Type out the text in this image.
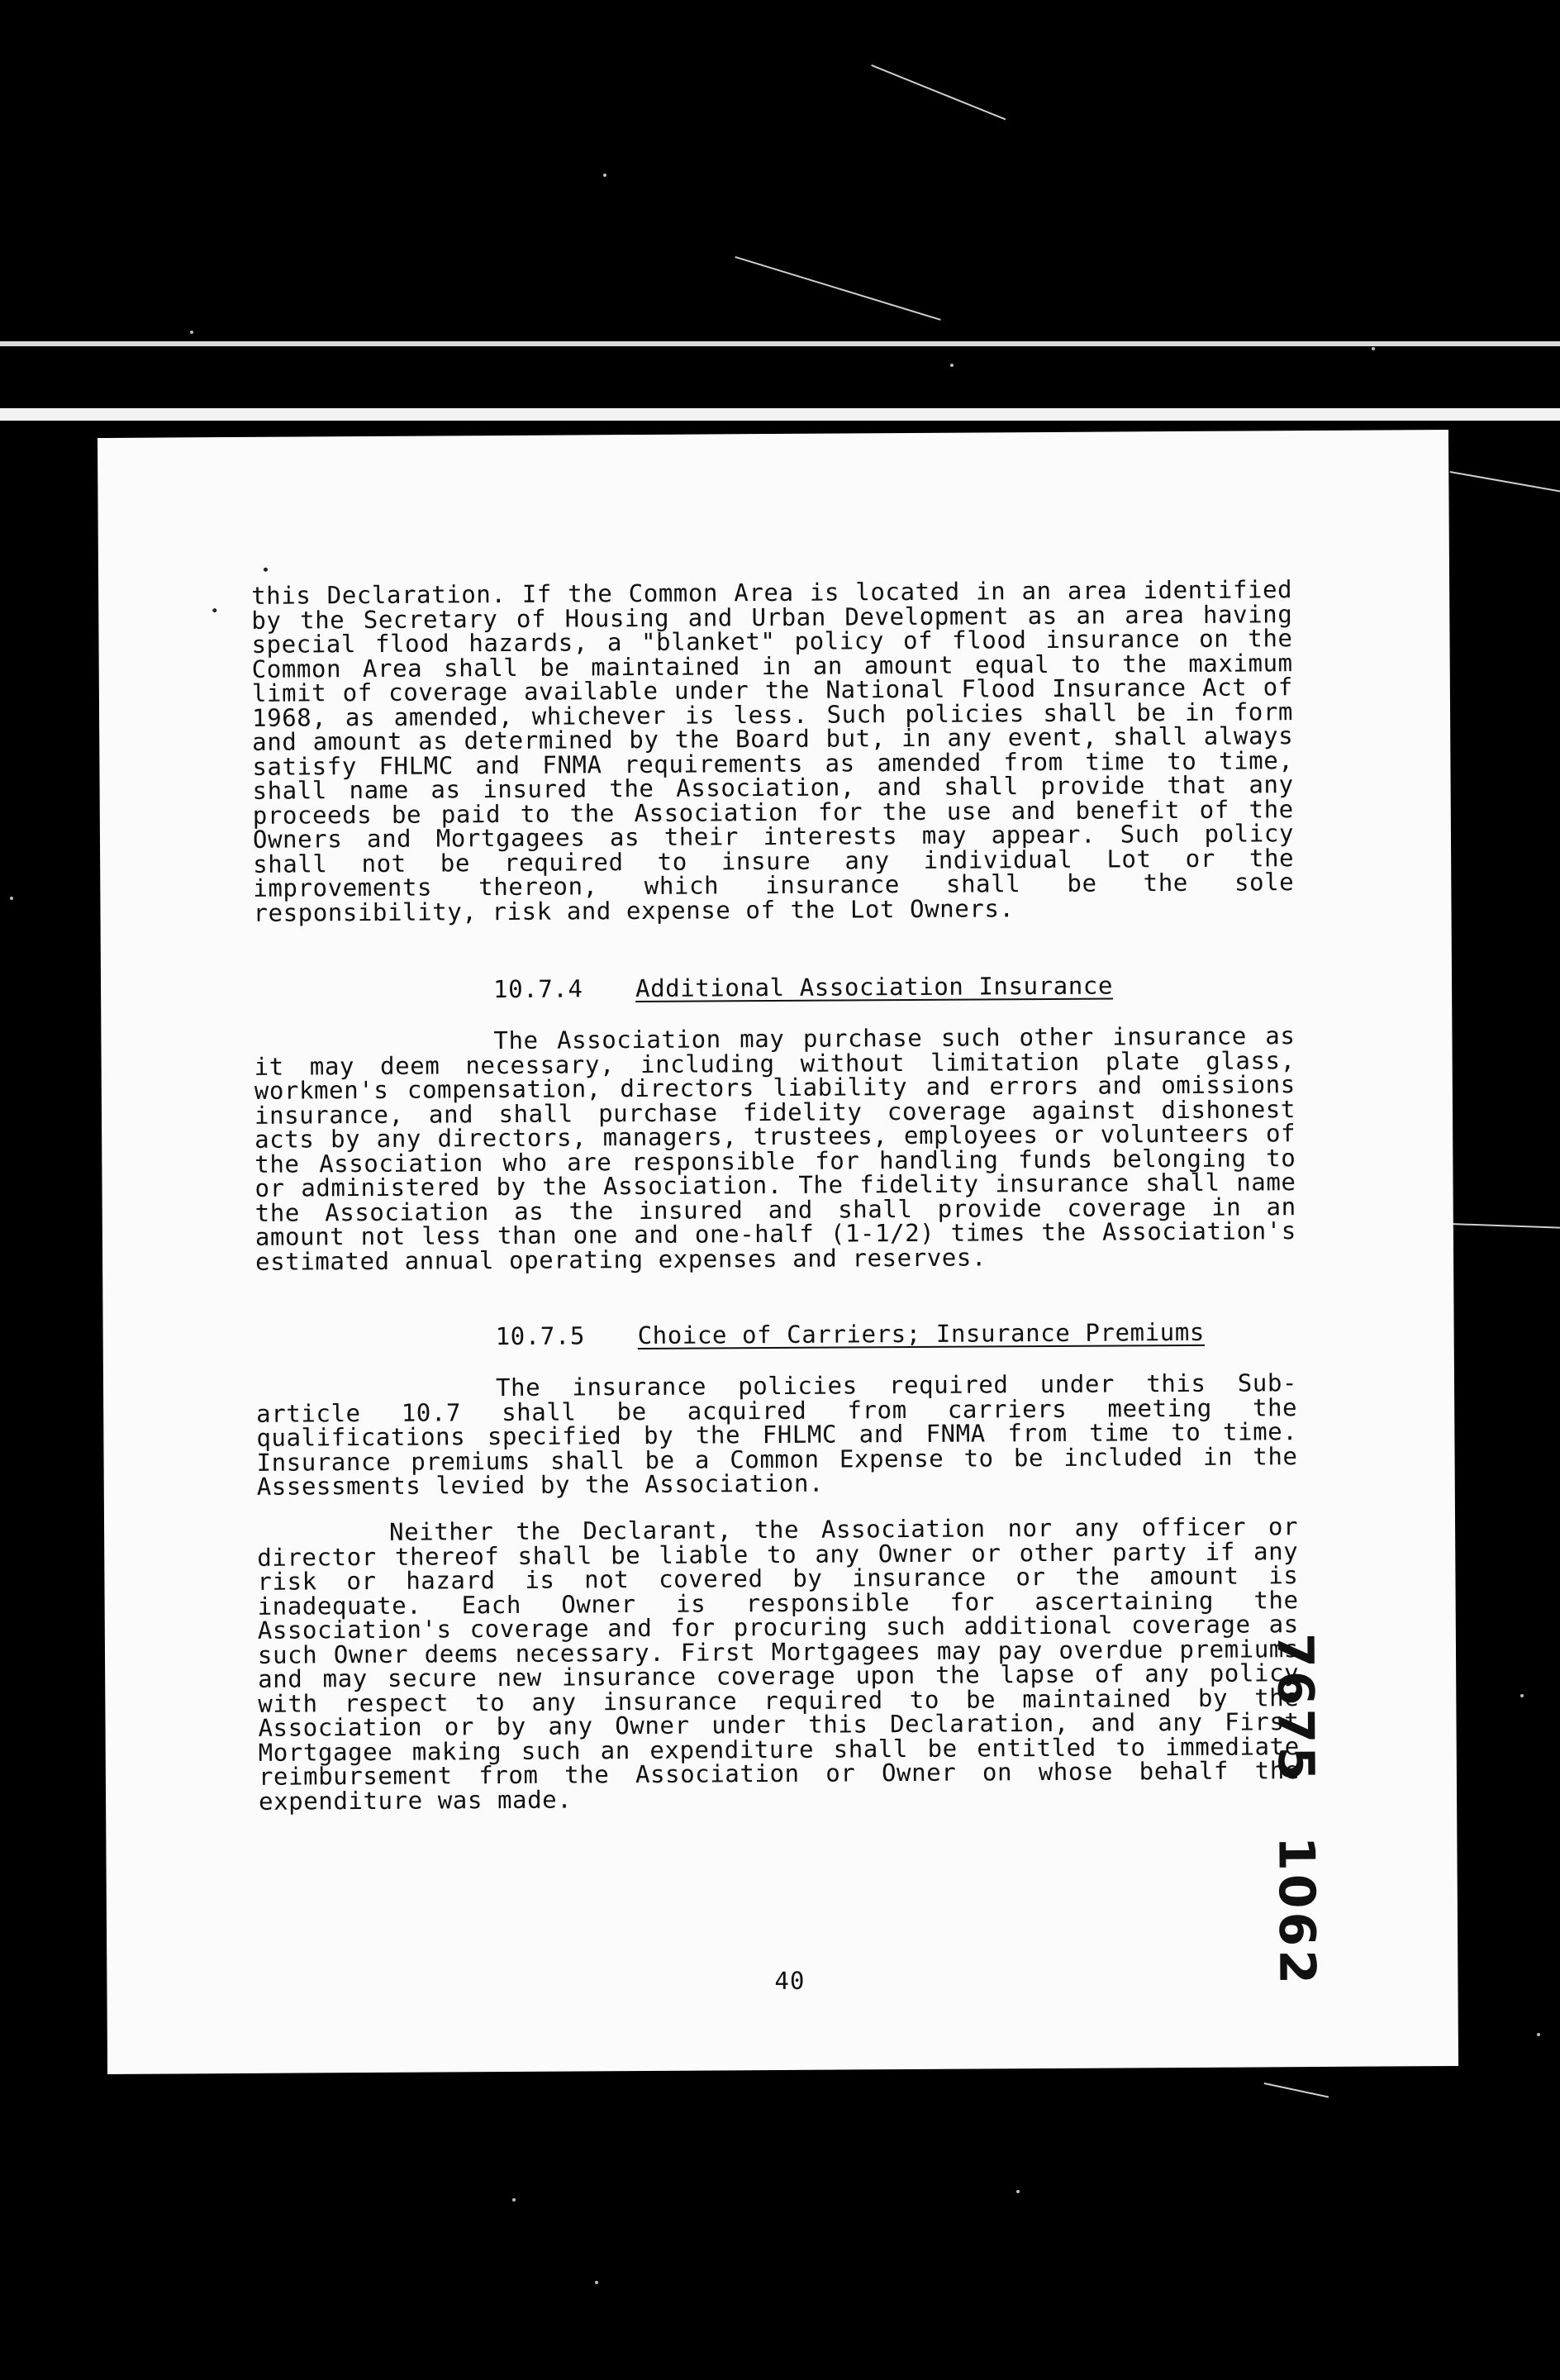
this Declaration. If the Common Area is located in an area identified by the Secretary of Housing and Urban Development as an area having special flood hazards, a "blanket" policy of flood insurance on the Common Area shall be maintained in an amount equal to the maximum limit of coverage available under the National Flood Insurance Act of 1968, as amended, whichever is less. Such policies shall be in form and amount as determined by the Board but, in any event, shall always satisfy FHLMC and FNMA requirements as amended from time to time, shall name as insured the Association, and shall provide that any proceeds be paid to the Association for the use and benefit of the Owners and Mortgagees as their interests may appear. Such policy shall not be required to insure any individual Lot or the improvements thereon, which insurance shall be the sole responsibility, risk and expense of the Lot Owners.

10.7.4 Additional Association Insurance

The Association may purchase such other insurance as it may deem necessary, including without limitation plate glass, workmen's compensation, directors liability and errors and omissions insurance, and shall purchase fidelity coverage against dishonest acts by any directors, managers, trustees, employees or volunteers of the Association who are responsible for handling funds belonging to or administered by the Association. The fidelity insurance shall name the Association as the insured and shall provide coverage in an amount not less than one and one-half (1-1/2) times the Association's estimated annual operating expenses and reserves.

10.7.5 Choice of Carriers; Insurance Premiums

The insurance policies required under this Sub-article 10.7 shall be acquired from carriers meeting the qualifications specified by the FHLMC and FNMA from time to time. Insurance premiums shall be a Common Expense to be included in the Assessments levied by the Association.

Neither the Declarant, the Association nor any officer or director thereof shall be liable to any Owner or other party if any risk or hazard is not covered by insurance or the amount is inadequate. Each Owner is responsible for ascertaining the Association's coverage and for procuring such additional coverage as such Owner deems necessary. First Mortgagees may pay overdue premiums and may secure new insurance coverage upon the lapse of any policy with respect to any insurance required to be maintained by the Association or by any Owner under this Declaration, and any First Mortgagee making such an expenditure shall be entitled to immediate reimbursement from the Association or Owner on whose behalf the expenditure was made.

40	7675 1062
